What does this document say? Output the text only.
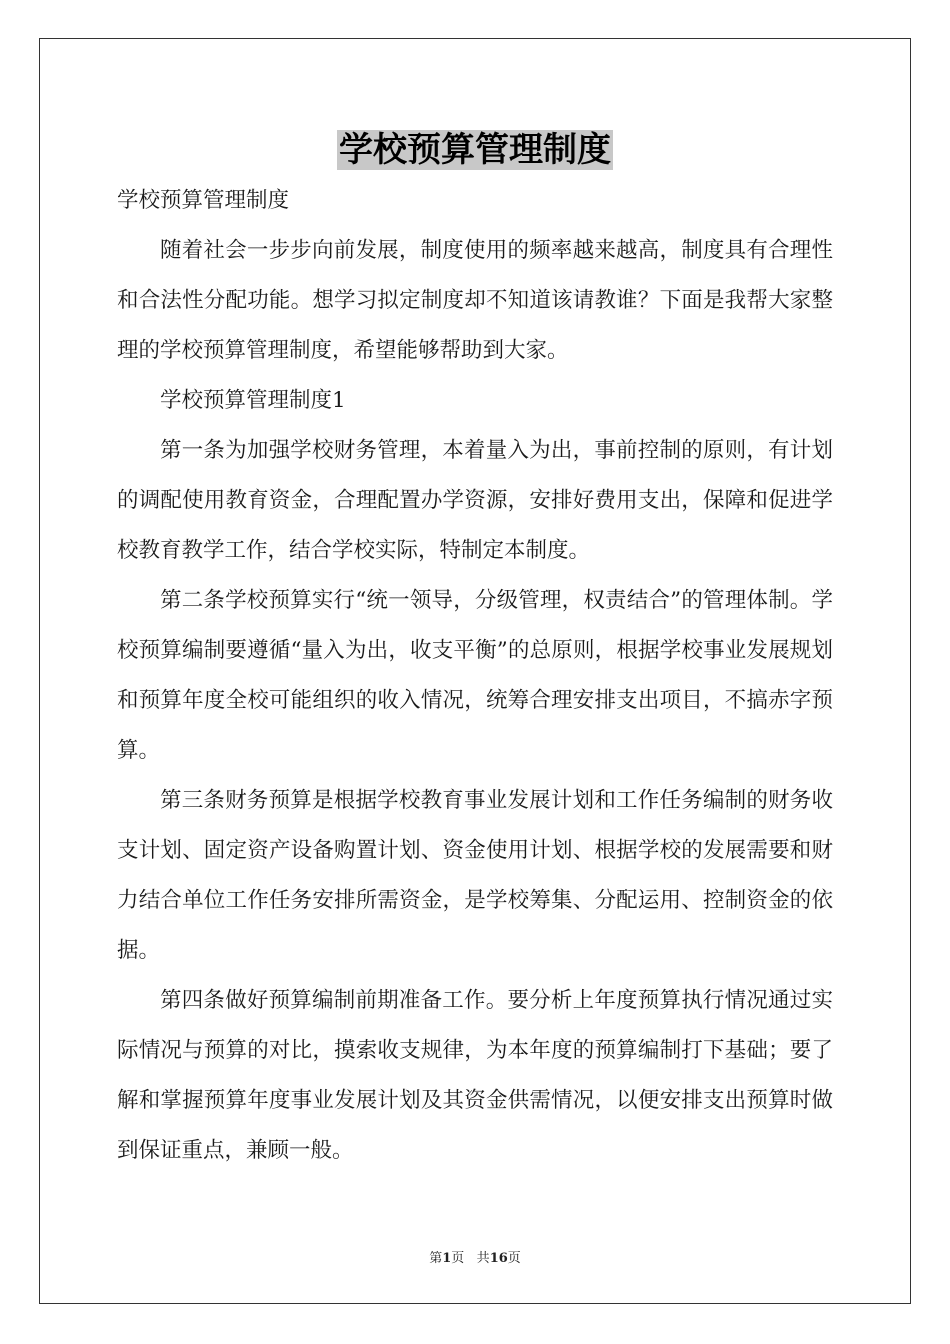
学校预算管理制度

学校预算管理制度

随着社会一步步向前发展，制度使用的频率越来越高，制度具有合理性和合法性分配功能。想学习拟定制度却不知道该请教谁？下面是我帮大家整理的学校预算管理制度，希望能够帮助到大家。

学校预算管理制度1

第一条为加强学校财务管理，本着量入为出，事前控制的原则，有计划的调配使用教育资金，合理配置办学资源，安排好费用支出，保障和促进学校教育教学工作，结合学校实际，特制定本制度。

第二条学校预算实行“统一领导，分级管理，权责结合”的管理体制。学校预算编制要遵循“量入为出，收支平衡”的总原则，根据学校事业发展规划和预算年度全校可能组织的收入情况，统筹合理安排支出项目，不搞赤字预算。

第三条财务预算是根据学校教育事业发展计划和工作任务编制的财务收支计划、固定资产设备购置计划、资金使用计划、根据学校的发展需要和财力结合单位工作任务安排所需资金，是学校筹集、分配运用、控制资金的依据。

第四条做好预算编制前期准备工作。要分析上年度预算执行情况通过实际情况与预算的对比，摸索收支规律，为本年度的预算编制打下基础；要了解和掌握预算年度事业发展计划及其资金供需情况，以便安排支出预算时做到保证重点，兼顾一般。

第1页 共16页
